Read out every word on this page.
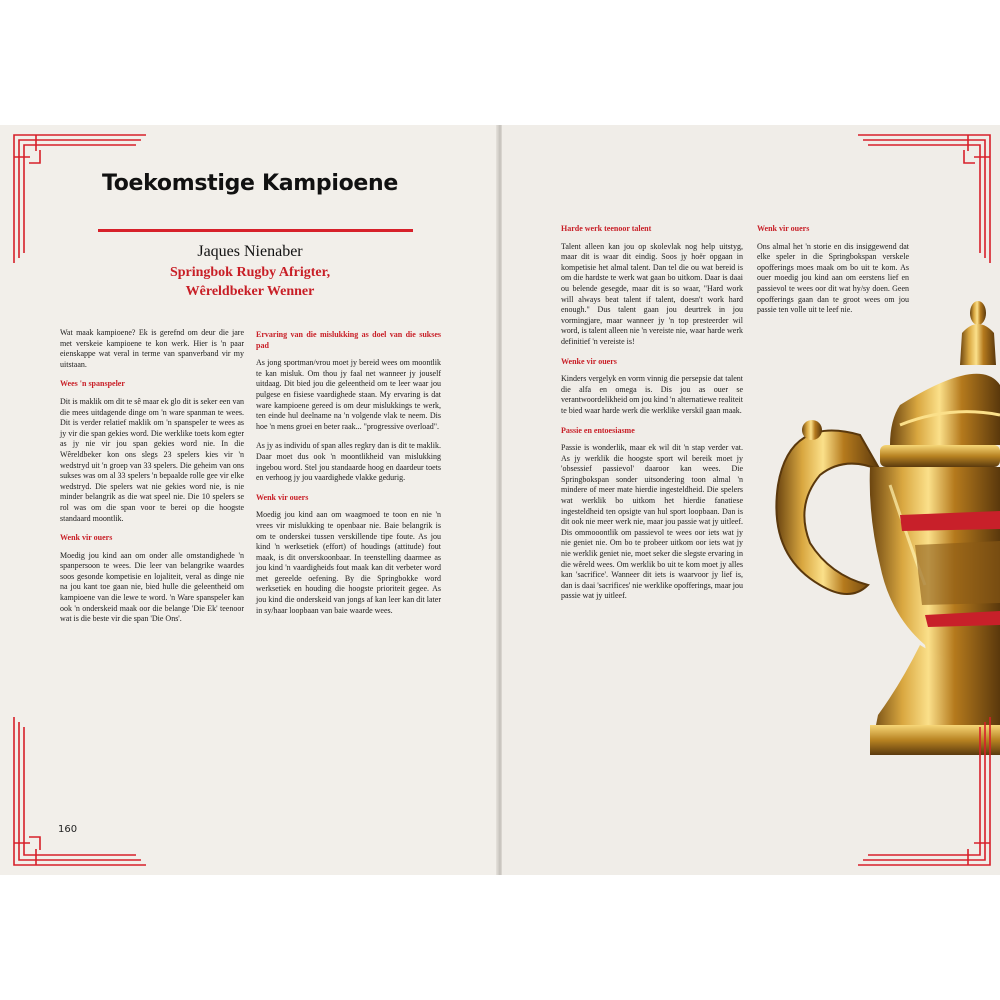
Toekomstige Kampioene
Jaques Nienaber
Springbok Rugby Afrigter,
Wêreldbeker Wenner

Wat maak kampioene? Ek is gerefnd om deur die jare met verskeie kampioene te kon werk. Hier is 'n paar eienskappe wat veral in terme van spanverband vir my uitstaan.

Wees 'n spanspeler

Dit is maklik om dit te sê maar ek glo dit is seker een van die mees uitdagende dinge om 'n ware spanman te wees. Dit is verder relatief maklik om 'n spanspeler te wees as jy vir die span gekies word. Die werklike toets kom egter as jy nie vir jou span gekies word nie. In die Wêreldbeker kon ons slegs 23 spelers kies vir 'n wedstryd uit 'n groep van 33 spelers. Die geheim van ons sukses was om al 33 spelers 'n bepaalde rolle gee vir elke wedstryd. Die spelers wat nie gekies word nie, is nie minder belangrik as die wat speel nie. Die 10 spelers se rol was om die span voor te berei op die hoogste standaard moontlik.

Wenk vir ouers

Moedig jou kind aan om onder alle omstandighede 'n spanpersoon te wees. Die leer van belangrike waardes soos gesonde kompetisie en lojaliteit, veral as dinge nie na jou kant toe gaan nie, bied hulle die geleentheid om kampioene van die lewe te word. 'n Ware spanspeler kan ook 'n onderskeid maak oor die belange 'Die Ek' teenoor wat is die beste vir die span 'Die Ons'.

Ervaring van die mislukking as doel van die sukses pad

As jong sportman/vrou moet jy bereid wees om moontlik te kan misluk. Om thou jy faal net wanneer jy jouself uitdaag. Dit bied jou die geleentheid om te leer waar jou pulgese en fisiese vaardighede staan. My ervaring is dat ware kampioene gereed is om deur mislukkings te werk, ten einde hul deelname na 'n volgende vlak te neem. Dis hoe 'n mens groei en beter raak... "progressive overload".

As jy as individu of span alles regkry dan is dit te maklik. Daar moet dus ook 'n moontlikheid van mislukking ingebou word. Stel jou standaarde hoog en daardeur toets en verhoog jy jou vaardighede vlakke gedurig.

Wenk vir ouers

Moedig jou kind aan om waagmoed te toon en nie 'n vrees vir mislukking te openbaar nie. Baie belangrik is om te onderskei tussen verskillende tipe foute. As jou kind 'n werksetiek (effort) of houdings (attitude) fout maak, is dit onverskoonbaar. In teenstelling daarmee as jou kind 'n vaardigheids fout maak kan dit verbeter word met gereelde oefening. By die Springbokke word werksetiek en houding die hoogste prioriteit gegee. As jou kind die onderskeid van jongs af kan leer kan dit later in sy/haar loopbaan van baie waarde wees.

160
Harde werk teenoor talent

Talent alleen kan jou op skolevlak nog help uitstyg, maar dit is waar dit eindig. Soos jy hoër opgaan in kompetisie het almal talent. Dan tel die ou wat bereid is om die hardste te werk wat gaan bo uitkom. Daar is daai ou belende gesegde, maar dit is so waar, "Hard work will always beat talent if talent, doesn't work hard enough." Dus talent gaan jou deurtrek in jou vormingjare, maar wanneer jy 'n top presteerder wil word, is talent alleen nie 'n vereiste nie, waar harde werk definitief 'n vereiste is!

Wenke vir ouers

Kinders vergelyk en vorm vinnig die persepsie dat talent die alfa en omega is. Dis jou as ouer se verantwoordelikheid om jou kind 'n alternatiewe realiteit te bied waar harde werk die werklike verskil gaan maak.

Passie en entoesiasme

Passie is wonderlik, maar ek wil dit 'n stap verder vat. As jy werklik die hoogste sport wil bereik moet jy 'obsessief passievol' daaroor kan wees. Die Springbokspan sonder uitsondering toon almal 'n mindere of meer mate hierdie ingesteldheid. Die spelers wat werklik bo uitkom het hierdie fanatiese ingesteldheid ten opsigte van hul sport loopbaan. Dan is dit ook nie meer werk nie, maar jou passie wat jy uitleef. Dis ommooontlik om passievol te wees oor iets wat jy nie geniet nie. Om bo te probeer uitkom oor iets wat jy nie werklik geniet nie, moet seker die slegste ervaring in die wêreld wees. Om werklik bo uit te kom moet jy alles kan 'sacrifice'. Wanneer dit iets is waarvoor jy lief is, dan is daai 'sacrifices' nie werklike opofferings, maar jou passie wat jy uitleef.

Wenk vir ouers

Ons almal het 'n storie en dis insiggewend dat elke speler in die Springbokspan verskele opofferings moes maak om bo uit te kom. As ouer moedig jou kind aan om eerstens lief en passievol te wees oor dit wat hy/sy doen. Geen opofferings gaan dan te groot wees om jou passie ten volle uit te leef nie.
